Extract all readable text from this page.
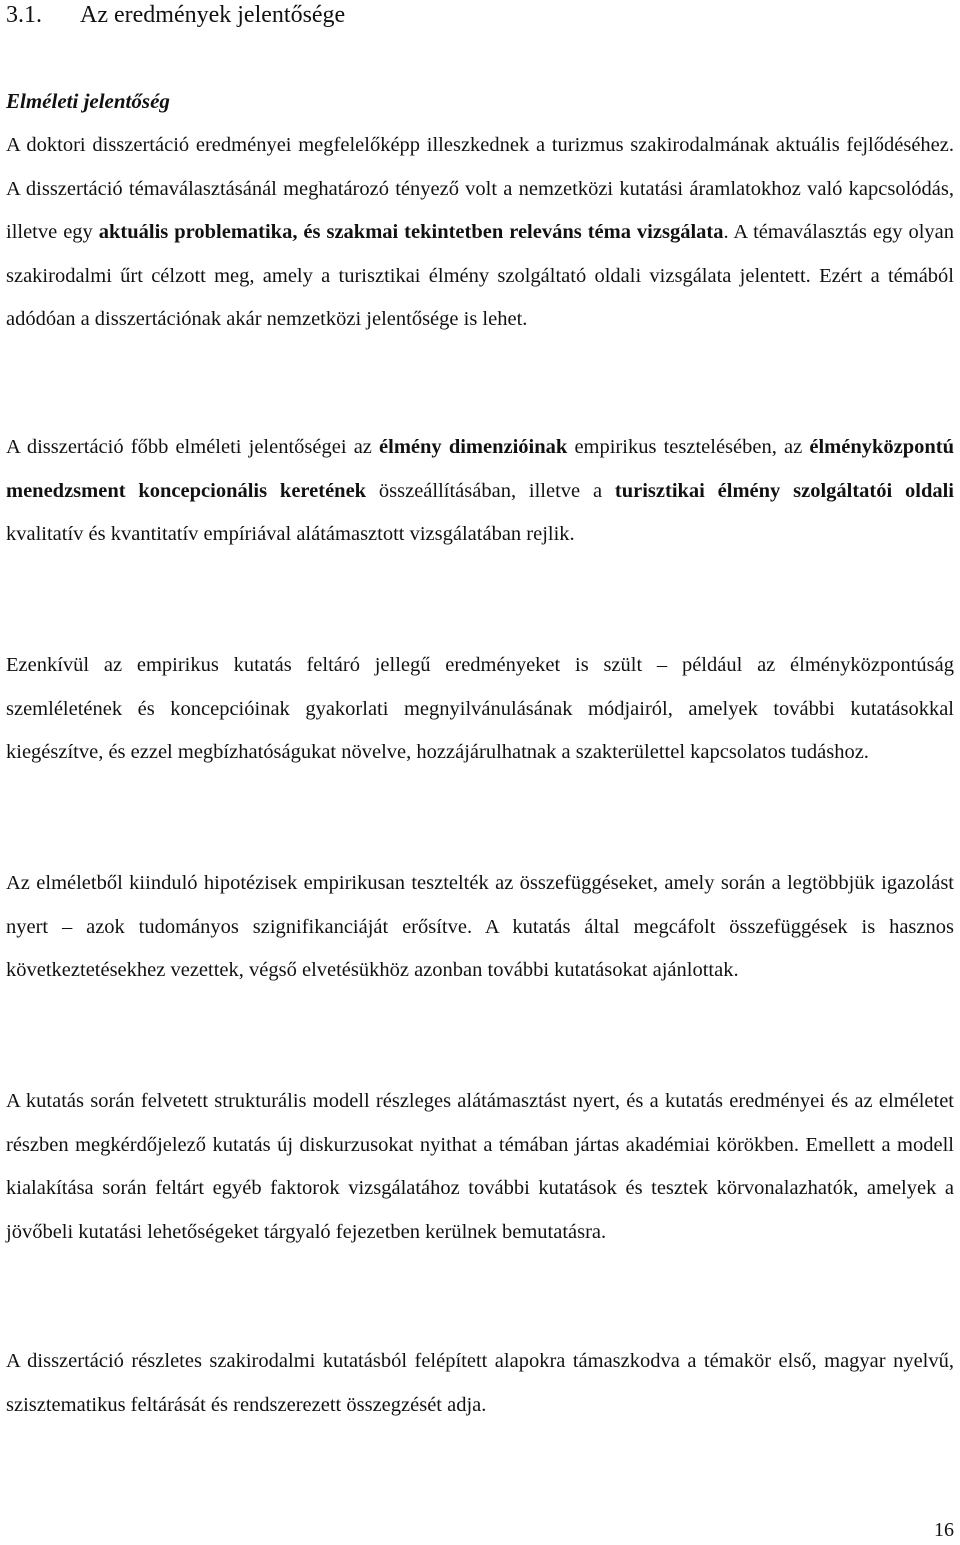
3.1. Az eredmények jelentősége
Elméleti jelentőség

A doktori disszertáció eredményei megfelelőképp illeszkednek a turizmus szakirodalmának aktuális fejlődéséhez. A disszertáció témaválasztásánál meghatározó tényező volt a nemzetközi kutatási áramlatokhoz való kapcsolódás, illetve egy aktuális problematika, és szakmai tekintetben releváns téma vizsgálata. A témaválasztás egy olyan szakirodalmi űrt célzott meg, amely a turisztikai élmény szolgáltató oldali vizsgálata jelentett. Ezért a témából adódóan a disszertációnak akár nemzetközi jelentősége is lehet.

A disszertáció főbb elméleti jelentőségei az élmény dimenzióinak empirikus tesztelésében, az élményközpontú menedzsment koncepcionális keretének összeállításában, illetve a turisztikai élmény szolgáltatói oldali kvalitatív és kvantitatív empíriával alátámasztott vizsgálatában rejlik.

Ezenkívül az empirikus kutatás feltáró jellegű eredményeket is szült – például az élményközpontúság szemléletének és koncepcióinak gyakorlati megnyilvánulásának módjairól, amelyek további kutatásokkal kiegészítve, és ezzel megbízhatóságukat növelve, hozzájárulhatnak a szakterülettel kapcsolatos tudáshoz.

Az elméletből kiinduló hipotézisek empirikusan tesztelték az összefüggéseket, amely során a legtöbbjük igazolást nyert – azok tudományos szignifikanciáját erősítve. A kutatás által megcáfolt összefüggések is hasznos következtetésekhez vezettek, végső elvetésükhöz azonban további kutatásokat ajánlottak.

A kutatás során felvetett strukturális modell részleges alátámasztást nyert, és a kutatás eredményei és az elméletet részben megkérdőjelező kutatás új diskurzusokat nyithat a témában jártas akadémiai körökben. Emellett a modell kialakítása során feltárt egyéb faktorok vizsgálatához további kutatások és tesztek körvonalazhatók, amelyek a jövőbeli kutatási lehetőségeket tárgyaló fejezetben kerülnek bemutatásra.

A disszertáció részletes szakirodalmi kutatásból felépített alapokra támaszkodva a témakör első, magyar nyelvű, szisztematikus feltárását és rendszerezett összegzését adja.

16
